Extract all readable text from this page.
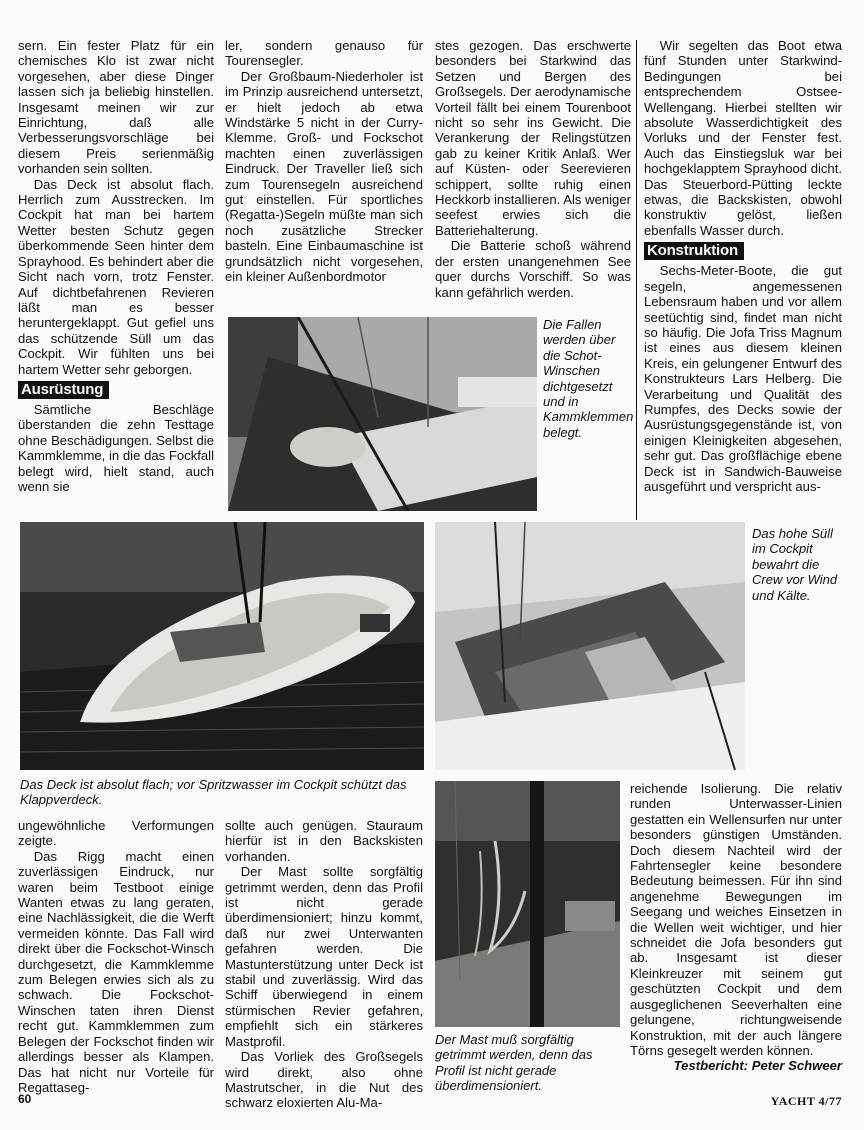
sern. Ein fester Platz für ein chemisches Klo ist zwar nicht vorgesehen, aber diese Dinger lassen sich ja beliebig hinstellen. Insgesamt meinen wir zur Einrichtung, daß alle Verbesserungsvorschläge bei diesem Preis serienmäßig vorhanden sein sollten.

Das Deck ist absolut flach. Herrlich zum Ausstrecken. Im Cockpit hat man bei hartem Wetter besten Schutz gegen überkommende Seen hinter dem Sprayhood. Es behindert aber die Sicht nach vorn, trotz Fenster. Auf dichtbefahrenen Revieren läßt man es besser heruntergeklappt. Gut gefiel uns das schützende Süll um das Cockpit. Wir fühlten uns bei hartem Wetter sehr geborgen.

Ausrüstung

Sämtliche Beschläge überstanden die zehn Testtage ohne Beschädigungen. Selbst die Kammklemme, in die das Fockfall belegt wird, hielt stand, auch wenn sie

ler, sondern genauso für Tourensegler.

Der Großbaum-Niederholer ist im Prinzip ausreichend untersetzt, er hielt jedoch ab etwa Windstärke 5 nicht in der Curry-Klemme. Groß- und Fockschot machten einen zuverlässigen Eindruck. Der Traveller ließ sich zum Tourensegeln ausreichend gut einstellen. Für sportliches (Regatta-)Segeln müßte man sich noch zusätzliche Strecker basteln. Eine Einbaumaschine ist grundsätzlich nicht vorgesehen, ein kleiner Außenbordmotor

stes gezogen. Das erschwerte besonders bei Starkwind das Setzen und Bergen des Großsegels. Der aerodynamische Vorteil fällt bei einem Tourenboot nicht so sehr ins Gewicht. Die Verankerung der Relingstützen gab zu keiner Kritik Anlaß. Wer auf Küsten- oder Seerevieren schippert, sollte ruhig einen Heckkorb installieren. Als weniger seefest erwies sich die Batteriehalterung.

Die Batterie schoß während der ersten unangenehmen See quer durchs Vorschiff. So was kann gefährlich werden.

Wir segelten das Boot etwa fünf Stunden unter Starkwind-Bedingungen bei entsprechendem Ostsee-Wellengang. Hierbei stellten wir absolute Wasserdichtigkeit des Vorluks und der Fenster fest. Auch das Einstiegsluk war bei hochgeklapptem Sprayhood dicht. Das Steuerbord-Pütting leckte etwas, die Backskisten, obwohl konstruktiv gelöst, ließen ebenfalls Wasser durch.

Konstruktion

Sechs-Meter-Boote, die gut segeln, angemessenen Lebensraum haben und vor allem seetüchtig sind, findet man nicht so häufig. Die Jofa Triss Magnum ist eines aus diesem kleinen Kreis, ein gelungener Entwurf des Konstrukteurs Lars Helberg. Die Verarbeitung und Qualität des Rumpfes, des Decks sowie der Ausrüstungsgegenstände ist, von einigen Kleinigkeiten abgesehen, sehr gut. Das großflächige ebene Deck ist in Sandwich-Bauweise ausgeführt und verspricht aus-

Die Fallen werden über die Schot-Winschen dichtgesetzt und in Kammklemmen belegt.
Das hohe Süll im Cockpit bewahrt die Crew vor Wind und Kälte.
Das Deck ist absolut flach; vor Spritzwasser im Cockpit schützt das Klappverdeck.

ungewöhnliche Verformungen zeigte.

Das Rigg macht einen zuverlässigen Eindruck, nur waren beim Testboot einige Wanten etwas zu lang geraten, eine Nachlässigkeit, die die Werft vermeiden könnte. Das Fall wird direkt über die Fockschot-Winsch durchgesetzt, die Kammklemme zum Belegen erwies sich als zu schwach. Die Fockschot-Winschen taten ihren Dienst recht gut. Kammklemmen zum Belegen der Fockschot finden wir allerdings besser als Klampen. Das hat nicht nur Vorteile für Regattaseg-

sollte auch genügen. Stauraum hierfür ist in den Backskisten vorhanden.

Der Mast sollte sorgfältig getrimmt werden, denn das Profil ist nicht gerade überdimensioniert; hinzu kommt, daß nur zwei Unterwanten gefahren werden. Die Mastunterstützung unter Deck ist stabil und zuverlässig. Wird das Schiff überwiegend in einem stürmischen Revier gefahren, empfiehlt sich ein stärkeres Mastprofil.

Das Vorliek des Großsegels wird direkt, also ohne Mastrutscher, in die Nut des schwarz eloxierten Alu-Ma-

Der Mast muß sorgfältig getrimmt werden, denn das Profil ist nicht gerade überdimensioniert.

reichende Isolierung. Die relativ runden Unterwasser-Linien gestatten ein Wellensurfen nur unter besonders günstigen Umständen. Doch diesem Nachteil wird der Fahrtensegler keine besondere Bedeutung beimessen. Für ihn sind angenehme Bewegungen im Seegang und weiches Einsetzen in die Wellen weit wichtiger, und hier schneidet die Jofa besonders gut ab. Insgesamt ist dieser Kleinkreuzer mit seinem gut geschützten Cockpit und dem ausgeglichenen Seeverhalten eine gelungene, richtungweisende Konstruktion, mit der auch längere Törns gesegelt werden können.

Testbericht: Peter Schweer

60	YACHT 4/77
